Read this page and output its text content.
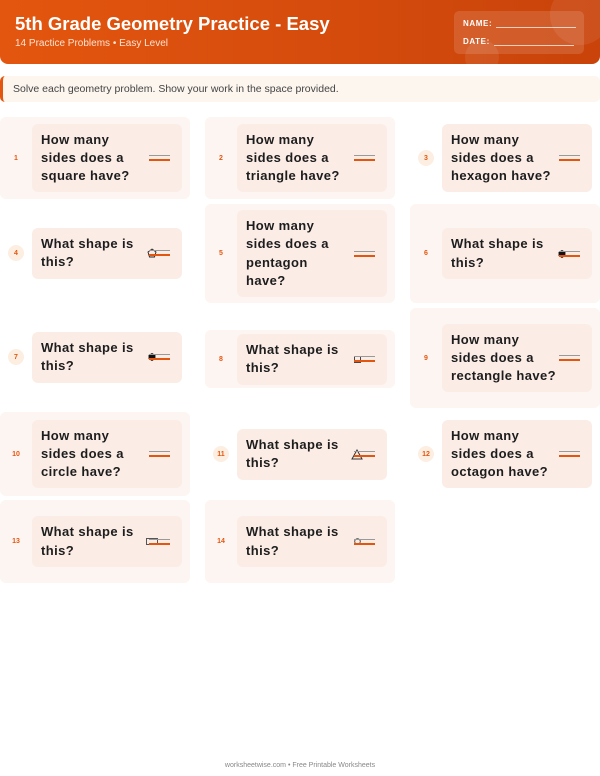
5th Grade Geometry Practice - Easy
14 Practice Problems • Easy Level
NAME:
DATE:
Solve each geometry problem. Show your work in the space provided.
1
How many sides does a square have?
2
How many sides does a triangle have?
3
How many sides does a hexagon have?
4
What shape is this?
5
How many sides does a pentagon have?
6
What shape is this?
7
What shape is this?	8
What shape is this?
9
How many sides does a rectangle have?
10
How many sides does a circle have?
11
What shape is this?
12
How many sides does a octagon have?
13
What shape is this?
14
What shape is this?
worksheetwise.com • Free Printable Worksheets
